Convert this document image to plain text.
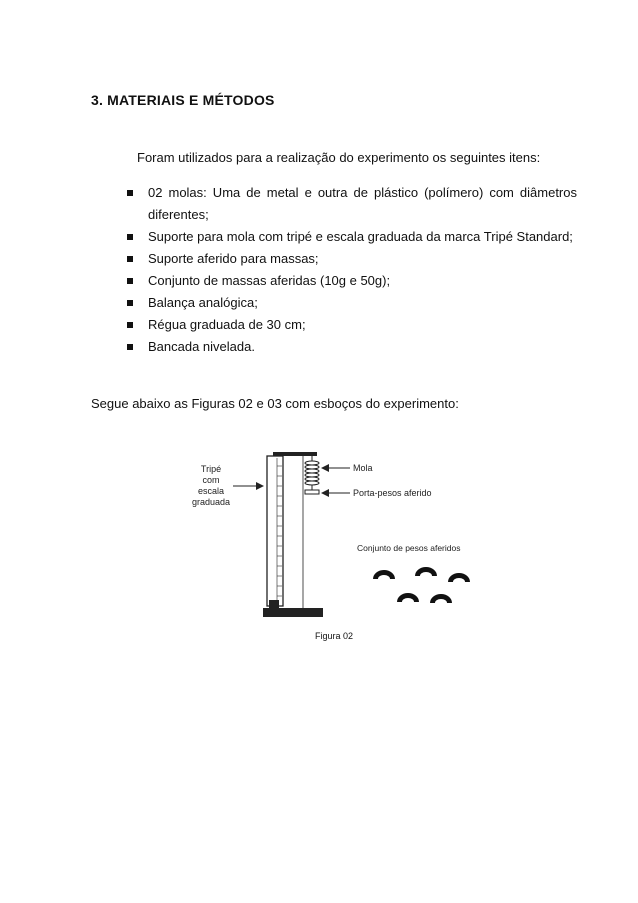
3. MATERIAIS E MÉTODOS
Foram utilizados para a realização do experimento os seguintes itens:
02 molas: Uma de metal e outra de plástico (polímero) com diâmetros
diferentes;
Suporte para mola com tripé e escala graduada da marca Tripé Standard;
Suporte aferido para massas;
Conjunto de massas aferidas (10g e 50g);
Balança analógica;
Régua graduada de 30 cm;
Bancada nivelada.
Segue abaixo as Figuras 02 e 03 com esboços do experimento:
Tripé
com
escala
graduada
Mola
Porta-pesos aferido
Conjunto de pesos aferidos
Figura 02
